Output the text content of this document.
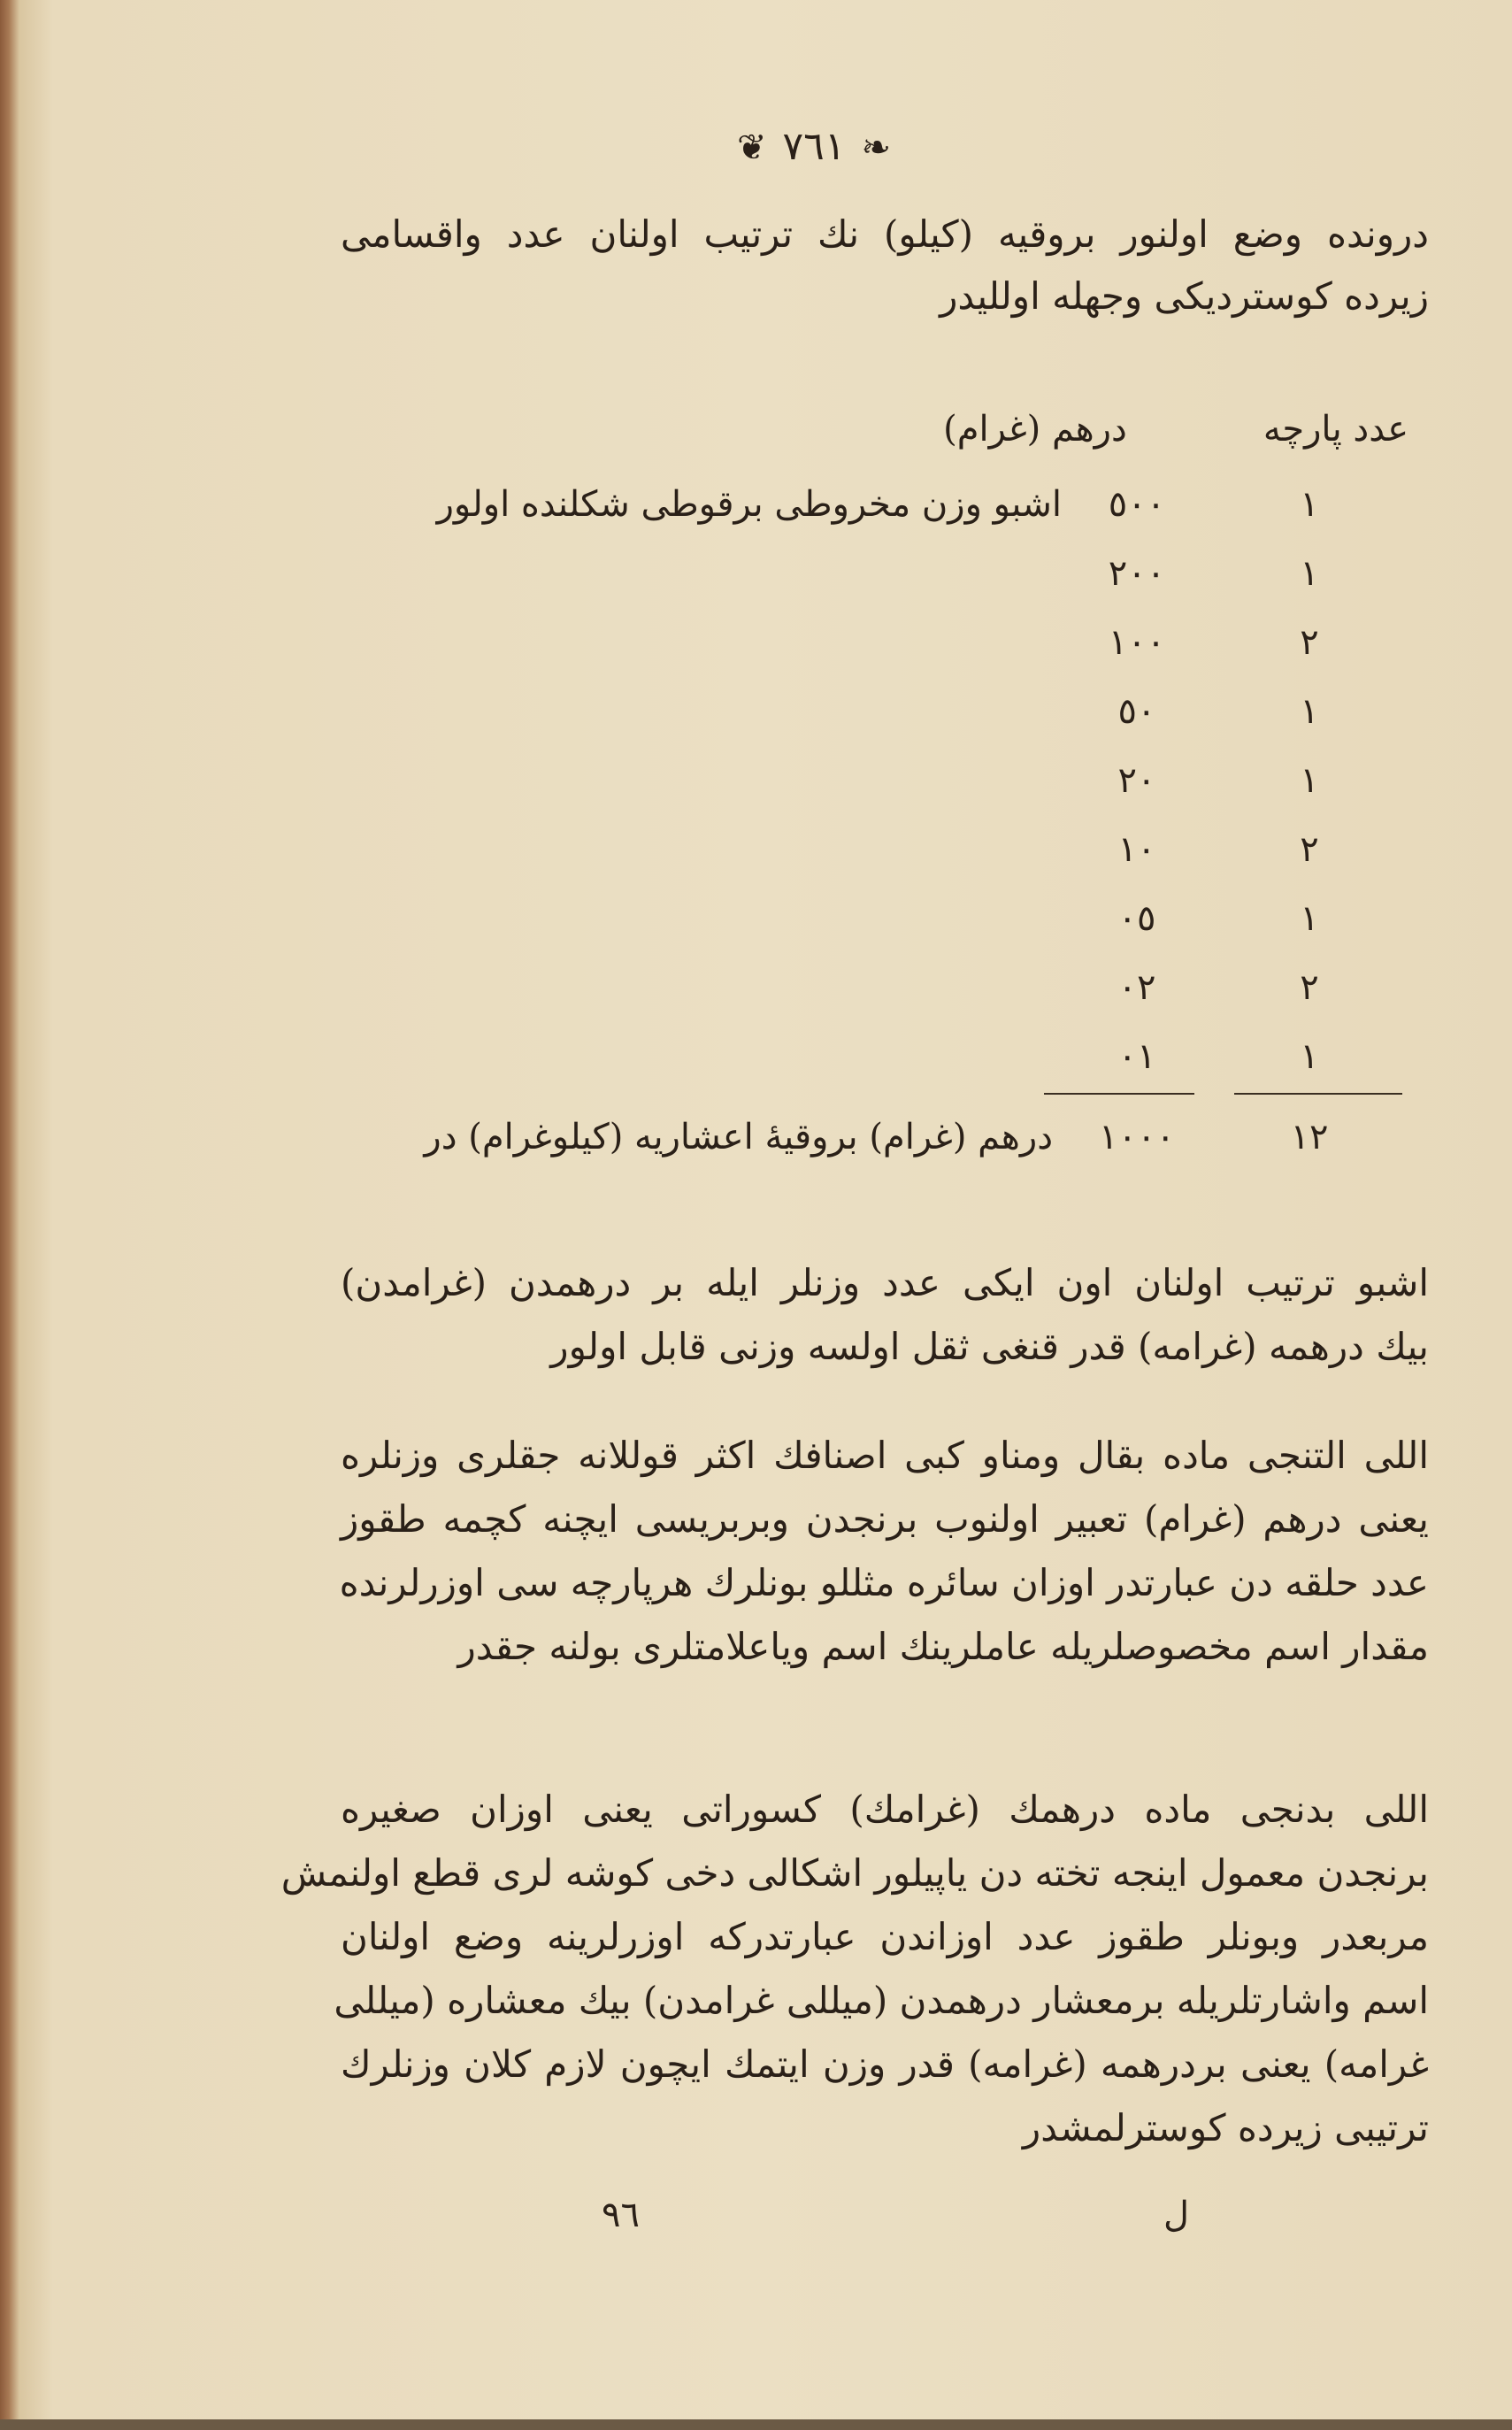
❦ ٧٦١ ❧
درونده وضع اولنور بروقیه (کیلو) نك ترتیب اولنان عدد واقسامی
زیرده کوستردیکی وجهله اوللیدر
عدد پارچه
درهم (غرام)
١
٥٠٠
اشبو وزن مخروطی برقوطی شکلنده اولور
١
٢٠٠
٢
١٠٠
١
٥٠
١
٢٠
٢
١٠
١
٠٥
٢
٠٢
١
٠١
١٢
١٠٠٠
درهم (غرام) بروقیهٔ اعشاریه (کیلوغرام) در
اشبو ترتیب اولنان اون ایکی عدد وزنلر ایله بر درهمدن (غرامدن)
بیك درهمه (غرامه) قدر قنغی ثقل اولسه وزنی قابل اولور
اللی التنجی ماده بقال ومناو کبی اصنافك اکثر قوللانه جقلری وزنلره
یعنی درهم (غرام) تعبیر اولنوب برنجدن وبربریسی ایچنه کچمه طقوز
عدد حلقه دن عبارتدر اوزان سائره مثللو بونلرك هرپارچه سی اوزرلرنده
مقدار اسم مخصوصلریله عاملرینك اسم ویاعلامتلری بولنه جقدر
اللی بدنجی ماده درهمك (غرامك) کسوراتی یعنی اوزان صغیره
برنجدن معمول اینجه تخته دن یاپیلور اشکالی دخی کوشه لری قطع اولنمش
مربعدر وبونلر طقوز عدد اوزاندن عبارتدرکه اوزرلرینه وضع اولنان
اسم واشارتلریله برمعشار درهمدن (میللی غرامدن) بیك معشاره (میللی
غرامه) یعنی بردرهمه (غرامه) قدر وزن ایتمك ایچون لازم کلان وزنلرك
ترتیبی زیرده کوسترلمشدر
٩٦	ل
